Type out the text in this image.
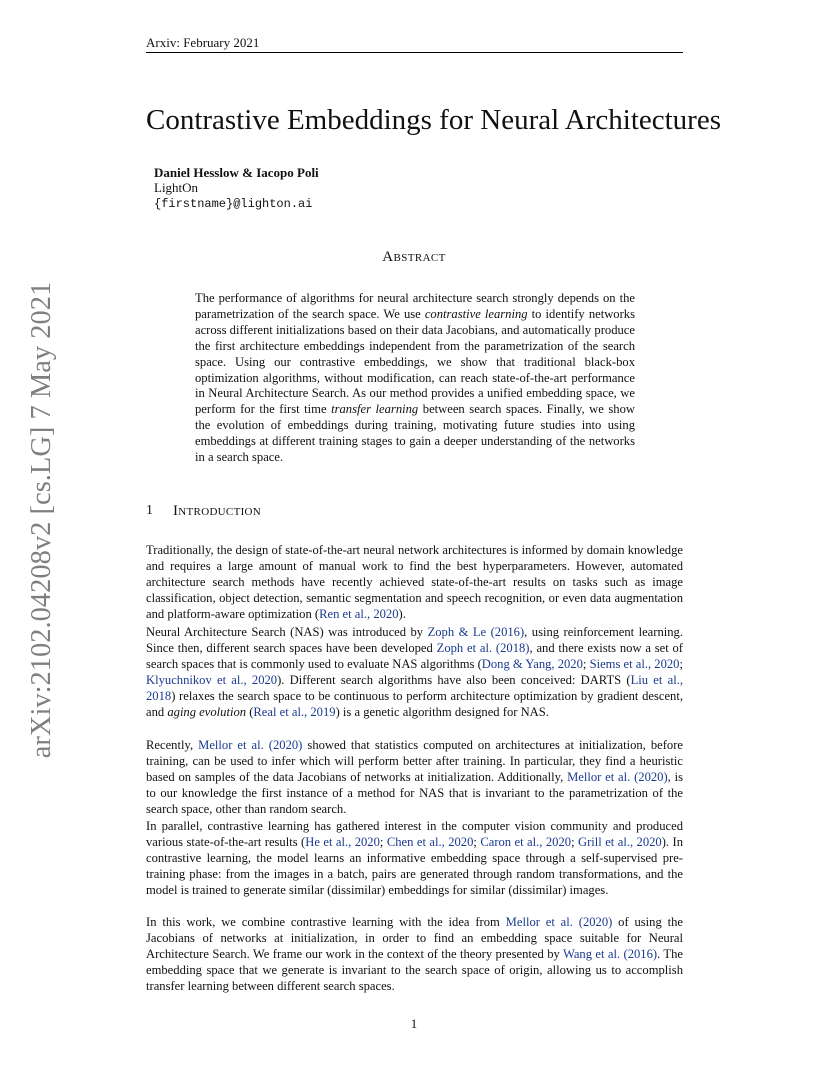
Arxiv: February 2021
arXiv:2102.04208v2 [cs.LG] 7 May 2021
Contrastive Embeddings for Neural Architectures
Daniel Hesslow & Iacopo Poli
LightOn
{firstname}@lighton.ai
ABSTRACT
The performance of algorithms for neural architecture search strongly depends on the parametrization of the search space. We use contrastive learning to identify networks across different initializations based on their data Jacobians, and automatically produce the first architecture embeddings independent from the parametrization of the search space. Using our contrastive embeddings, we show that traditional black-box optimization algorithms, without modification, can reach state-of-the-art performance in Neural Architecture Search. As our method provides a unified embedding space, we perform for the first time transfer learning between search spaces. Finally, we show the evolution of embeddings during training, motivating future studies into using embeddings at different training stages to gain a deeper understanding of the networks in a search space.
1 INTRODUCTION

Traditionally, the design of state-of-the-art neural network architectures is informed by domain knowledge and requires a large amount of manual work to find the best hyperparameters. However, automated architecture search methods have recently achieved state-of-the-art results on tasks such as image classification, object detection, semantic segmentation and speech recognition, or even data augmentation and platform-aware optimization (Ren et al., 2020).

Neural Architecture Search (NAS) was introduced by Zoph & Le (2016), using reinforcement learning. Since then, different search spaces have been developed Zoph et al. (2018), and there exists now a set of search spaces that is commonly used to evaluate NAS algorithms (Dong & Yang, 2020; Siems et al., 2020; Klyuchnikov et al., 2020). Different search algorithms have also been conceived: DARTS (Liu et al., 2018) relaxes the search space to be continuous to perform architecture optimization by gradient descent, and aging evolution (Real et al., 2019) is a genetic algorithm designed for NAS.

Recently, Mellor et al. (2020) showed that statistics computed on architectures at initialization, before training, can be used to infer which will perform better after training. In particular, they find a heuristic based on samples of the data Jacobians of networks at initialization. Additionally, Mellor et al. (2020), is to our knowledge the first instance of a method for NAS that is invariant to the parametrization of the search space, other than random search.

In parallel, contrastive learning has gathered interest in the computer vision community and produced various state-of-the-art results (He et al., 2020; Chen et al., 2020; Caron et al., 2020; Grill et al., 2020). In contrastive learning, the model learns an informative embedding space through a self-supervised pre-training phase: from the images in a batch, pairs are generated through random transformations, and the model is trained to generate similar (dissimilar) embeddings for similar (dissimilar) images.

In this work, we combine contrastive learning with the idea from Mellor et al. (2020) of using the Jacobians of networks at initialization, in order to find an embedding space suitable for Neural Architecture Search. We frame our work in the context of the theory presented by Wang et al. (2016). The embedding space that we generate is invariant to the search space of origin, allowing us to accomplish transfer learning between different search spaces.

1
